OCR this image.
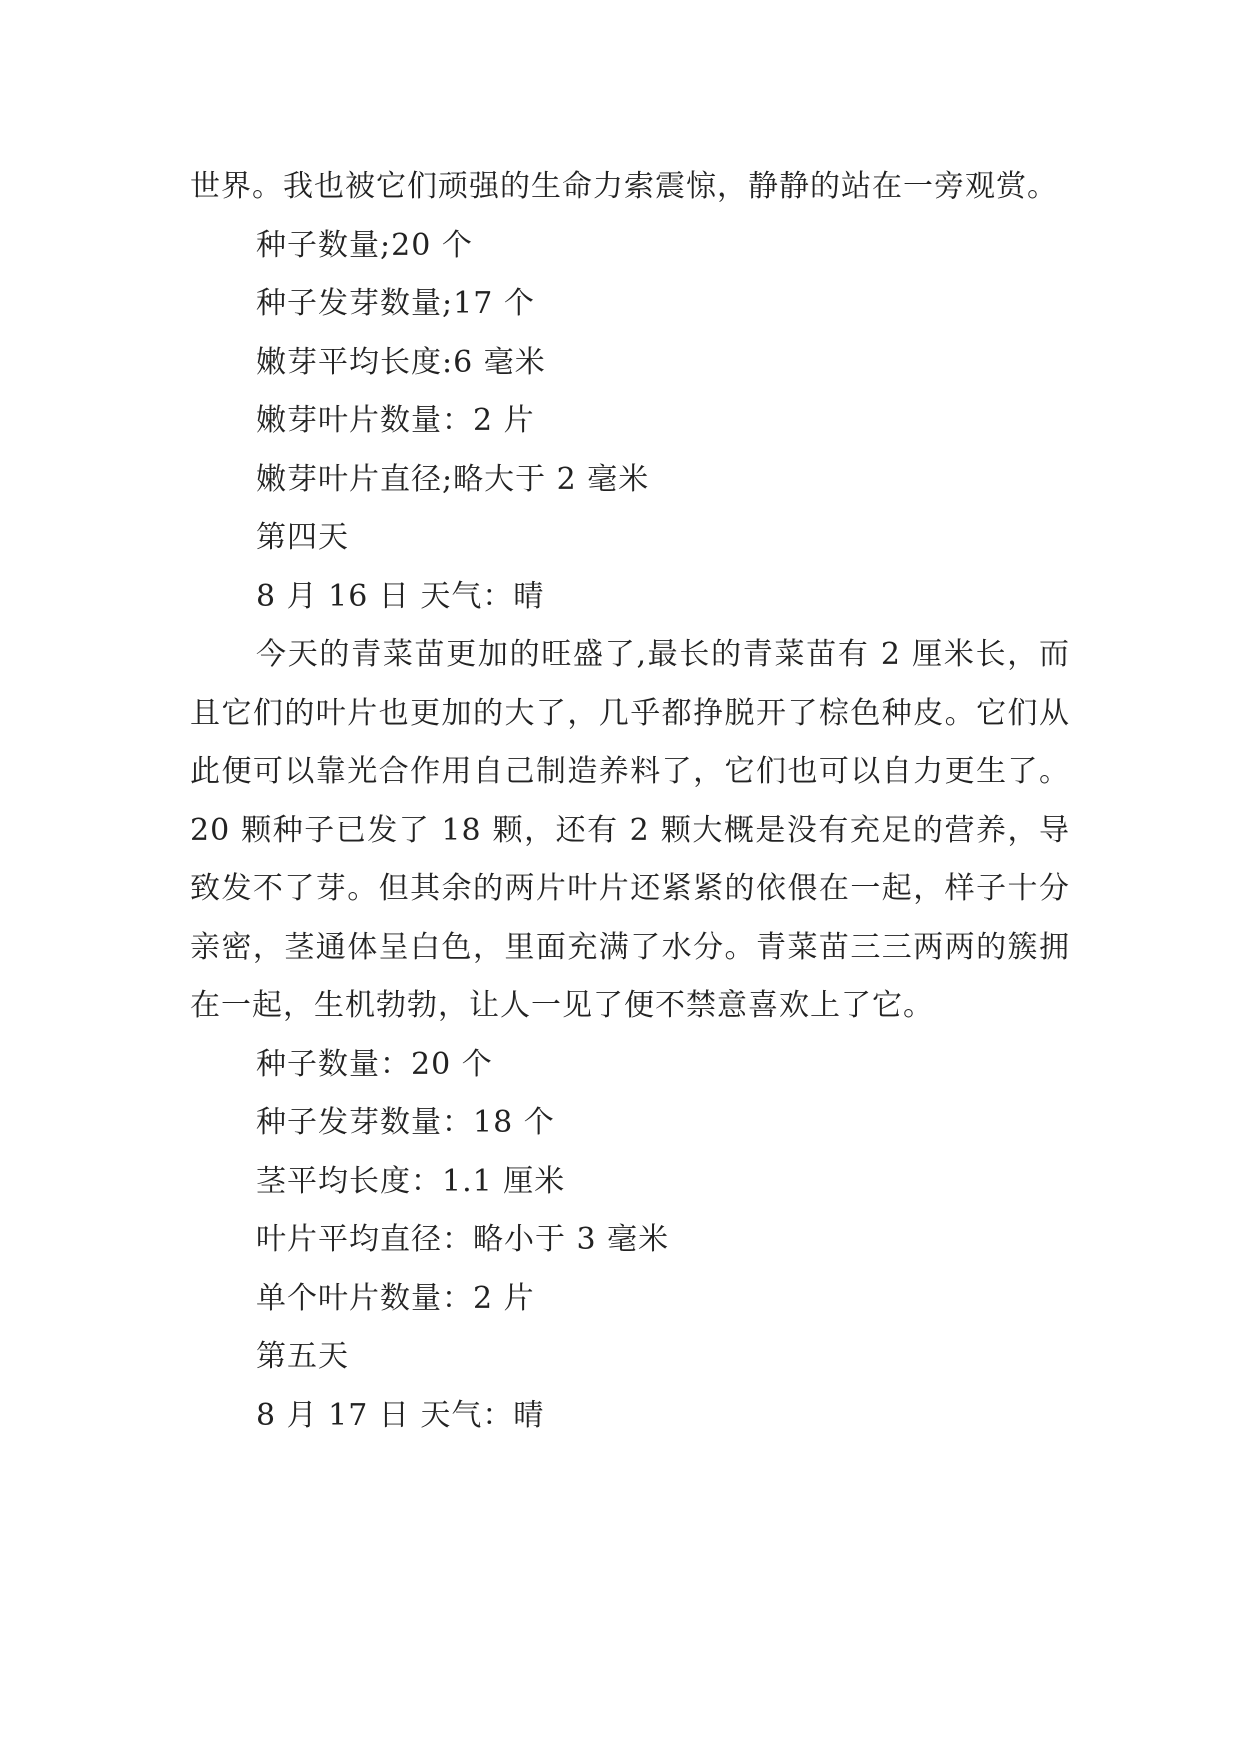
世界。我也被它们顽强的生命力索震惊，静静的站在一旁观赏。

种子数量;20 个

种子发芽数量;17 个

嫩芽平均长度:6 毫米

嫩芽叶片数量：2 片

嫩芽叶片直径;略大于 2 毫米

第四天

8 月 16 日 天气：晴

今天的青菜苗更加的旺盛了,最长的青菜苗有 2 厘米长，而且它们的叶片也更加的大了，几乎都挣脱开了棕色种皮。它们从此便可以靠光合作用自己制造养料了，它们也可以自力更生了。20 颗种子已发了 18 颗，还有 2 颗大概是没有充足的营养，导致发不了芽。但其余的两片叶片还紧紧的依偎在一起，样子十分亲密，茎通体呈白色，里面充满了水分。青菜苗三三两两的簇拥在一起，生机勃勃，让人一见了便不禁意喜欢上了它。

种子数量：20 个

种子发芽数量：18 个

茎平均长度：1.1 厘米

叶片平均直径：略小于 3 毫米

单个叶片数量：2 片

第五天

8 月 17 日 天气：晴
